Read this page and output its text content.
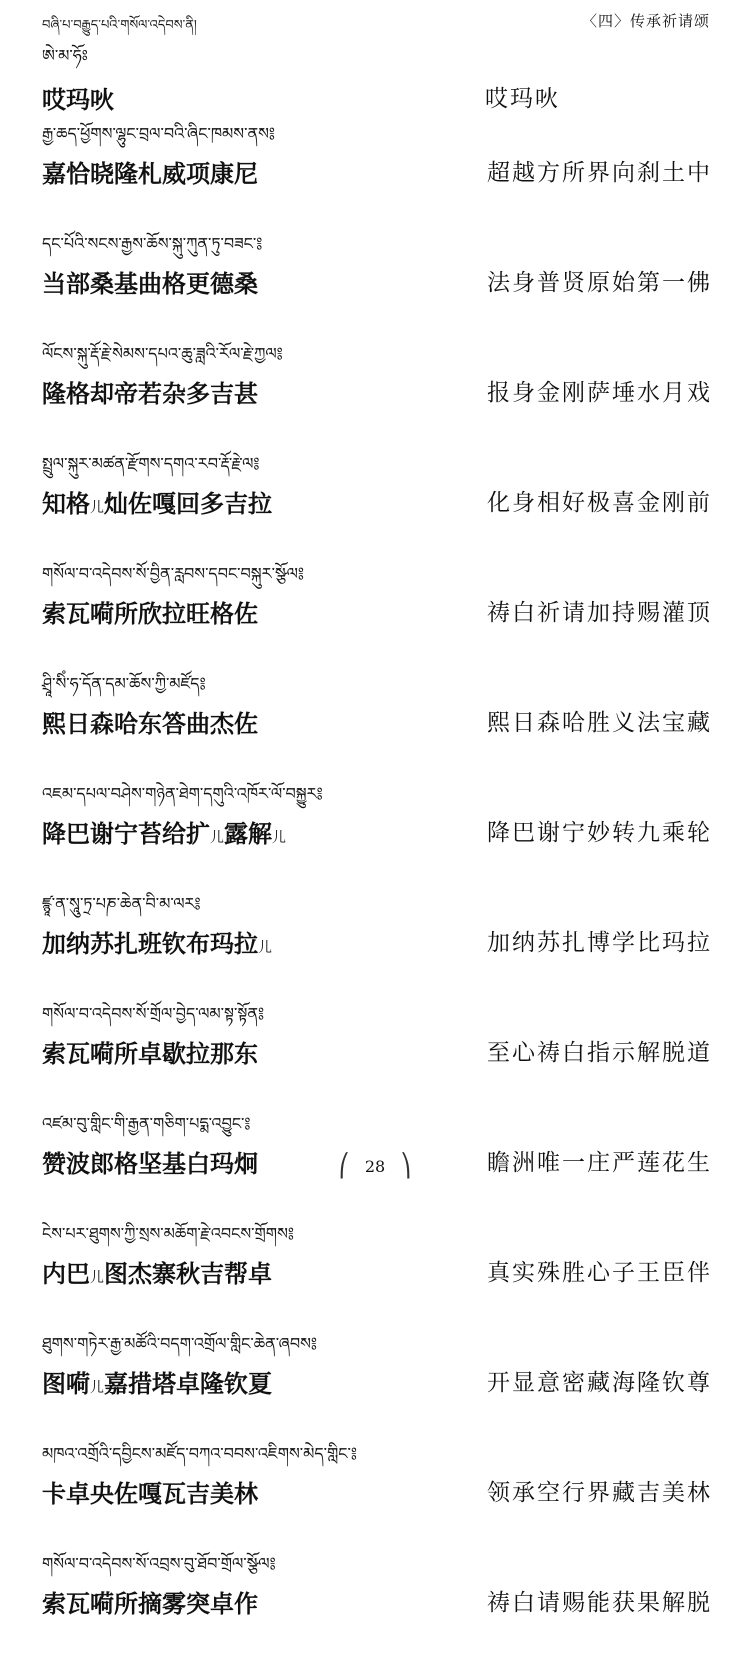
བཞི་པ་བརྒྱུད་པའི་གསོལ་འདེབས་ནི།	〈四〉传承祈请颂
ཨེ་མ་ཧོཿ
哎玛吙	哎玛吙
རྒྱ་ཆད་ཕྱོགས་ལྷུང་བྲལ་བའི་ཞིང་ཁམས་ནས༔
嘉恰晓隆札威项康尼	超越方所界向刹土中
དང་པོའི་སངས་རྒྱས་ཆོས་སྐུ་ཀུན་ཏུ་བཟང་༔
当部桑基曲格更德桑	法身普贤原始第一佛
ལོངས་སྐུ་རྡོ་རྗེ་སེམས་དཔའ་ཆུ་ཟླའི་རོལ་རྗེ་ཀྱལ༔
隆格却帝若杂多吉甚	报身金刚萨埵水月戏
སྤྲུལ་སྐུར་མཚན་རྫོགས་དགའ་རབ་རྡོ་རྗེ་ལ༔
知格儿灿佐嘎回多吉拉	化身相好极喜金刚前
གསོལ་བ་འདེབས་སོ་བྱིན་རླབས་དབང་བསྐུར་སྩོལ༔
索瓦嗬所欣拉旺格佐	祷白祈请加持赐灌顶
ཤྲཱི་སིཾ་ཧ་དོན་དམ་ཆོས་ཀྱི་མཛོད༔
熙日森哈东答曲杰佐	熙日森哈胜义法宝藏
འཇམ་དཔལ་བཤེས་གཉེན་ཐེག་དགུའི་འཁོར་ལོ་བསྐྱུར༔
降巴谢宁苔给扩儿露解儿	降巴谢宁妙转九乘轮
ཛྙཱ་ན་སཱུ་ཏྲ་པཎ་ཆེན་བི་མ་ལར༔
加纳苏扎班钦布玛拉儿	加纳苏扎博学比玛拉
གསོལ་བ་འདེབས་སོ་གྲོལ་བྱེད་ལམ་སྟ་སྟོན༔
索瓦嗬所卓歇拉那东	至心祷白指示解脱道
འཛམ་བུ་གླིང་གི་རྒྱན་གཅིག་པདྨ་འབྱུང་༔
赞波郎格坚基白玛炯	瞻洲唯一庄严莲花生
ངེས་པར་ཐུགས་ཀྱི་སྲས་མཆོག་རྗེ་འབངས་གྲོགས༔
内巴儿图杰寨秋吉帮卓	真实殊胜心子王臣伴
ཐུགས་གཏེར་རྒྱ་མཚོའི་བདག་འགྲོལ་གླིང་ཆེན་ཞབས༔
图嗬儿嘉措塔卓隆钦夏	开显意密藏海隆钦尊
མཁའ་འགྲོའི་དབྱིངས་མཛོད་བཀའ་བབས་འཇིགས་མེད་གླིང་༔
卡卓央佐嘎瓦吉美林	领承空行界藏吉美林
གསོལ་བ་འདེབས་སོ་འབྲས་བུ་ཐོབ་གྲོལ་སྩོལ༔
索瓦嗬所摘雾突卓作	祷白请赐能获果解脱
⎛ 28 ⎞
